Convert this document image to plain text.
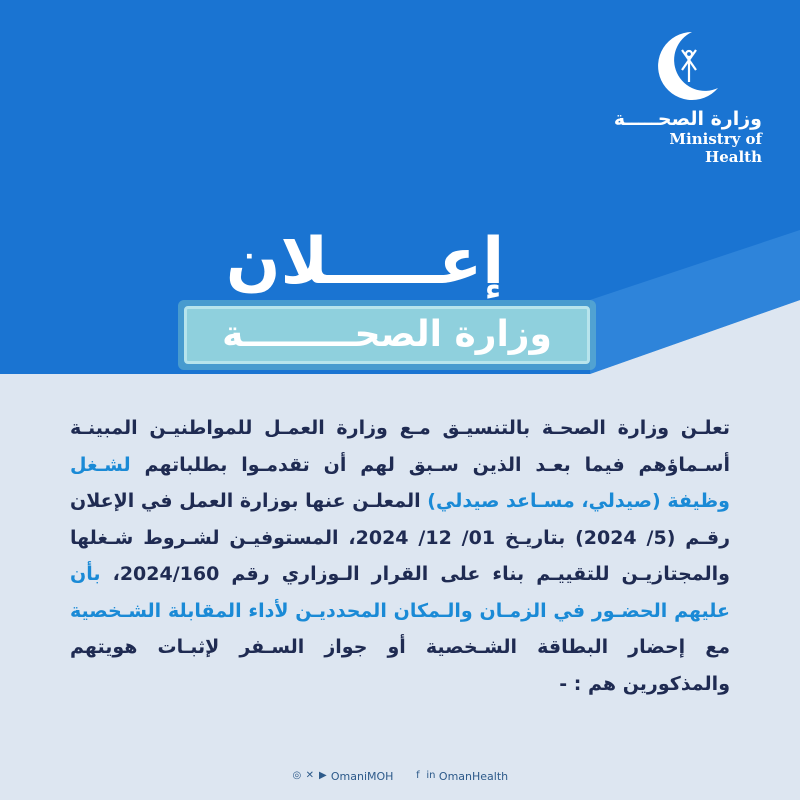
وزارة الصحـــــة
Ministry of Health
إعـــــلان
وزارة الصحـــــــــة
تعلـن وزارة الصحـة بالتنسيـق مـع وزارة العمـل للمواطنيـن المبينـة أسـماؤهم فيما بعـد الذين سـبق لهم أن تقدمـوا بطلباتهم لشـغل وظيفة (صيدلي، مسـاعد صيدلي) المعلـن عنها بوزارة العمل في الإعلان رقـم (5/ 2024) بتاريـخ 01/ 12/ 2024، المستوفيـن لشـروط شـغلها والمجتازيـن للتقييـم بناء على القرار الـوزاري رقم 2024/160، بأن عليهم الحضـور في الزمـان والـمكان المحدديـن لأداء المقابلة الشـخصية مع إحضار البطاقة الشـخصية أو جواز السـفر لإثبـات هويتهم والمذكورين هم : -
◎ ✕ ▶ OmaniMOH
	f in OmanHealth
